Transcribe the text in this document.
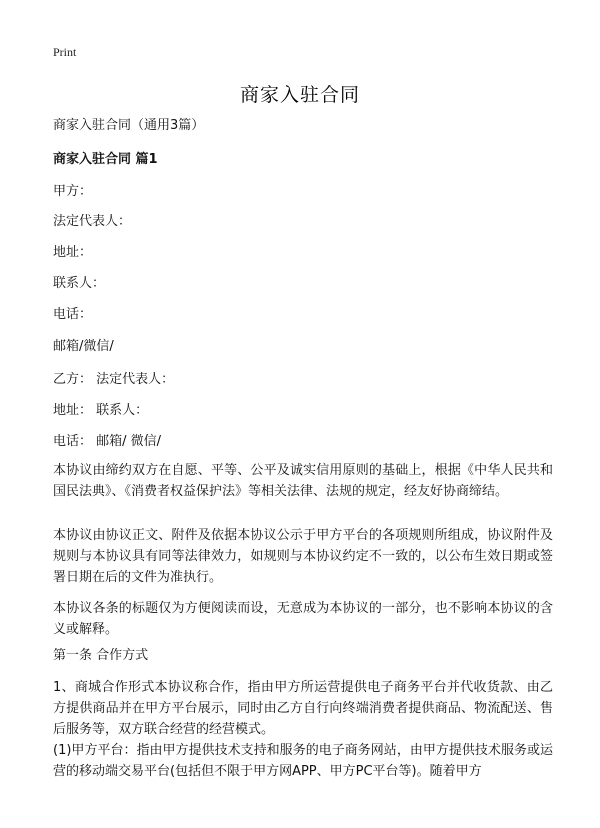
Print
商家入驻合同

商家入驻合同（通用3篇）

商家入驻合同 篇1

甲方：

法定代表人：

地址：

联系人：

电话：

邮箱/微信/

乙方： 法定代表人：

地址： 联系人：

电话： 邮箱/ 微信/

本协议由缔约双方在自愿、平等、公平及诚实信用原则的基础上，根据《中华人民共和国民法典》、《消费者权益保护法》等相关法律、法规的规定，经友好协商缔结。

本协议由协议正文、附件及依据本协议公示于甲方平台的各项规则所组成，协议附件及规则与本协议具有同等法律效力，如规则与本协议约定不一致的，以公布生效日期或签署日期在后的文件为准执行。

本协议各条的标题仅为方便阅读而设，无意成为本协议的一部分，也不影响本协议的含义或解释。

第一条 合作方式

1、商城合作形式本协议称合作，指由甲方所运营提供电子商务平台并代收货款、由乙方提供商品并在甲方平台展示，同时由乙方自行向终端消费者提供商品、物流配送、售后服务等，双方联合经营的经营模式。

(1)甲方平台：指由甲方提供技术支持和服务的电子商务网站，由甲方提供技术服务或运营的移动端交易平台(包括但不限于甲方网APP、甲方PC平台等)。随着甲方
